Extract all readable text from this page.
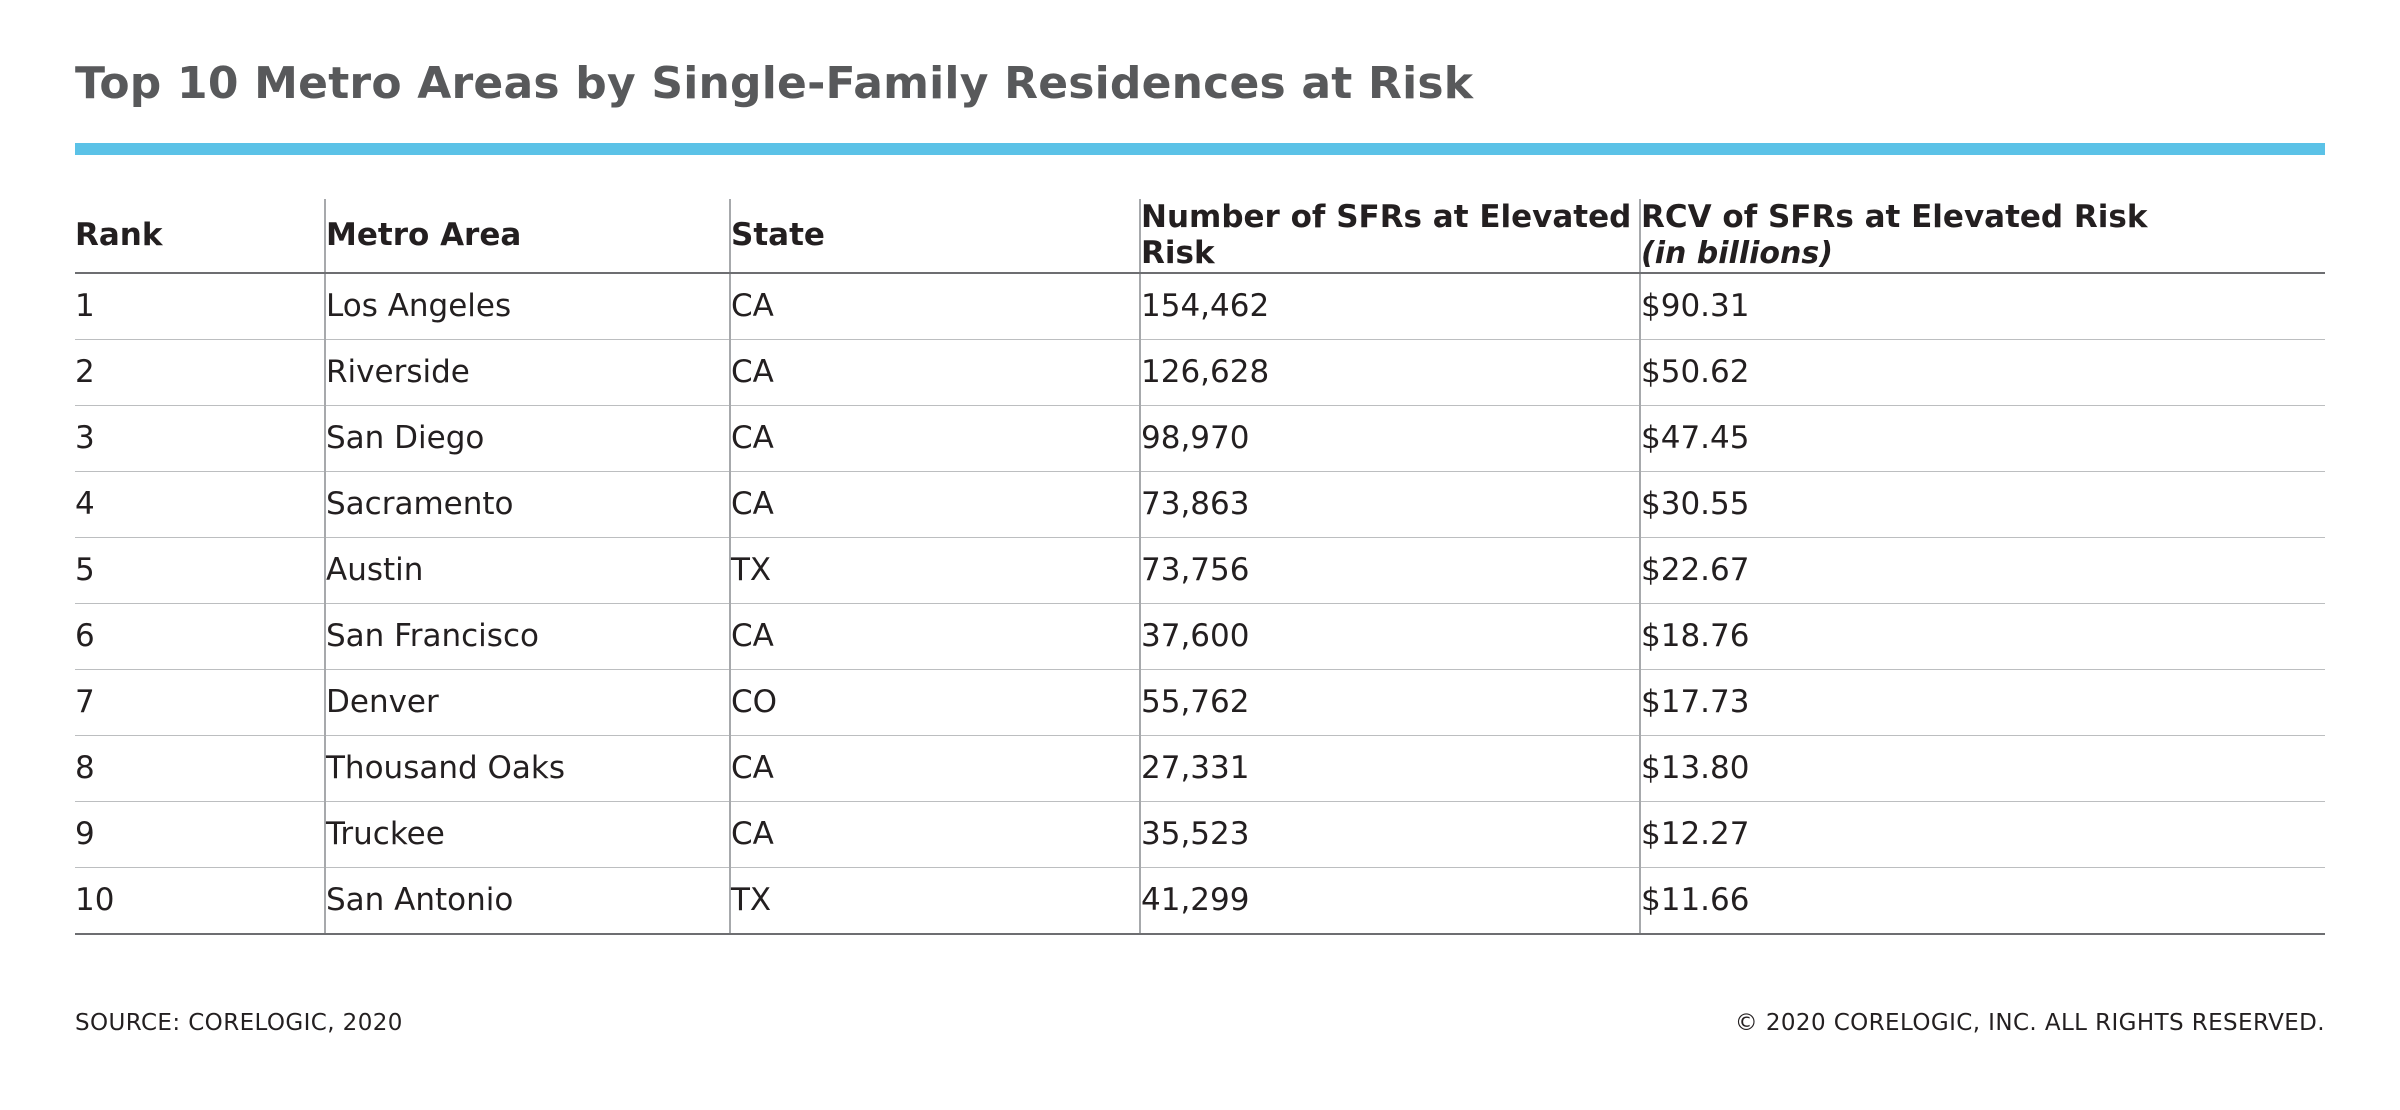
Top 10 Metro Areas by Single-Family Residences at Risk
Rank	Metro Area	State	Number of SFRs at Elevated Risk	RCV of SFRs at Elevated Risk
(in billions)

1	Los Angeles	CA	154,462	$90.31
2	Riverside	CA	126,628	$50.62
3	San Diego	CA	98,970	$47.45
4	Sacramento	CA	73,863	$30.55
5	Austin	TX	73,756	$22.67
6	San Francisco	CA	37,600	$18.76
7	Denver	CO	55,762	$17.73
8	Thousand Oaks	CA	27,331	$13.80
9	Truckee	CA	35,523	$12.27
10	San Antonio	TX	41,299	$11.66
SOURCE: CORELOGIC, 2020	© 2020 CORELOGIC, INC. ALL RIGHTS RESERVED.
